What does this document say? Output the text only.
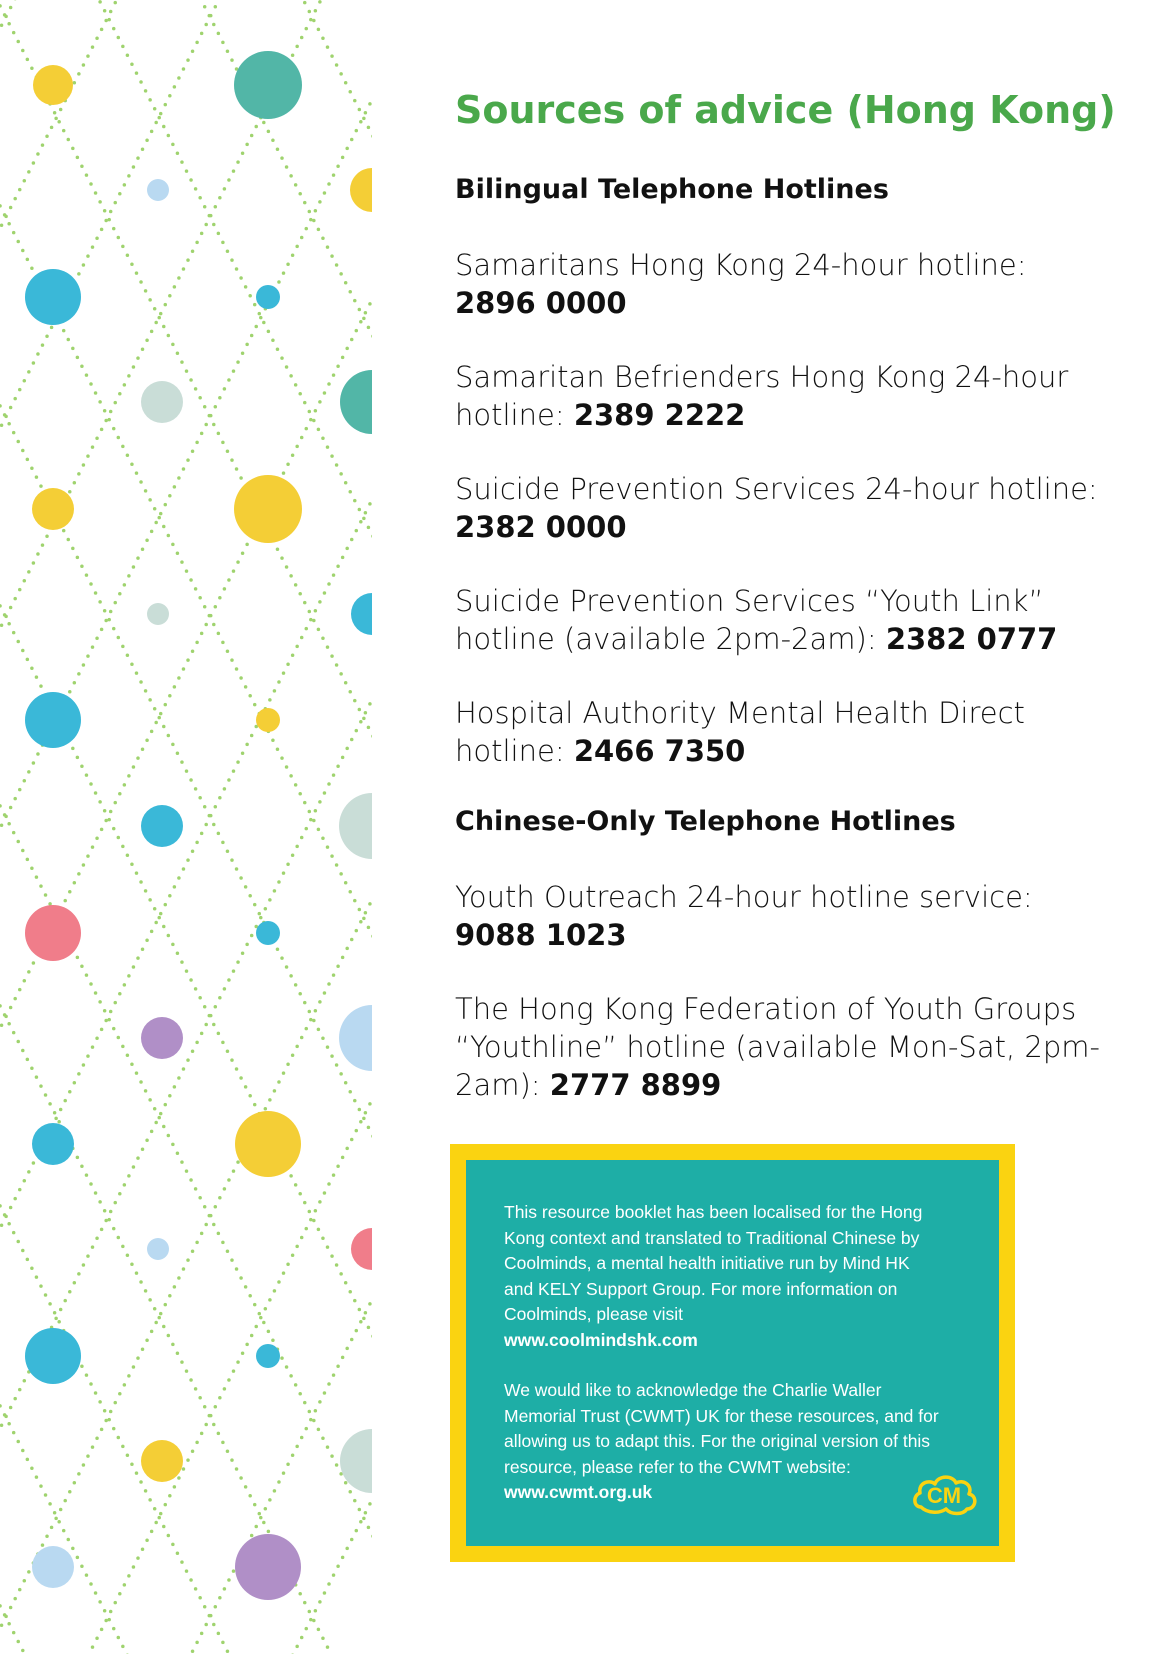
Sources of advice (Hong Kong)
Bilingual Telephone Hotlines
Samaritans Hong Kong 24-hour hotline:
2896 0000
Samaritan Befrienders Hong Kong 24-hour hotline: 2389 2222
Suicide Prevention Services 24-hour hotline:
2382 0000
Suicide Prevention Services “Youth Link” hotline (available 2pm-2am): 2382 0777
Hospital Authority Mental Health Direct hotline: 2466 7350
Chinese-Only Telephone Hotlines
Youth Outreach 24-hour hotline service:
9088 1023
The Hong Kong Federation of Youth Groups “Youthline” hotline (available Mon-Sat, 2pm-2am): 2777 8899

This resource booklet has been localised for the Hong Kong context and translated to Traditional Chinese by Coolminds, a mental health initiative run by Mind HK and KELY Support Group. For more information on Coolminds, please visit
www.coolmindshk.com

We would like to acknowledge the Charlie Waller Memorial Trust (CWMT) UK for these resources, and for allowing us to adapt this. For the original version of this resource, please refer to the CWMT website:
www.cwmt.org.uk	CM
